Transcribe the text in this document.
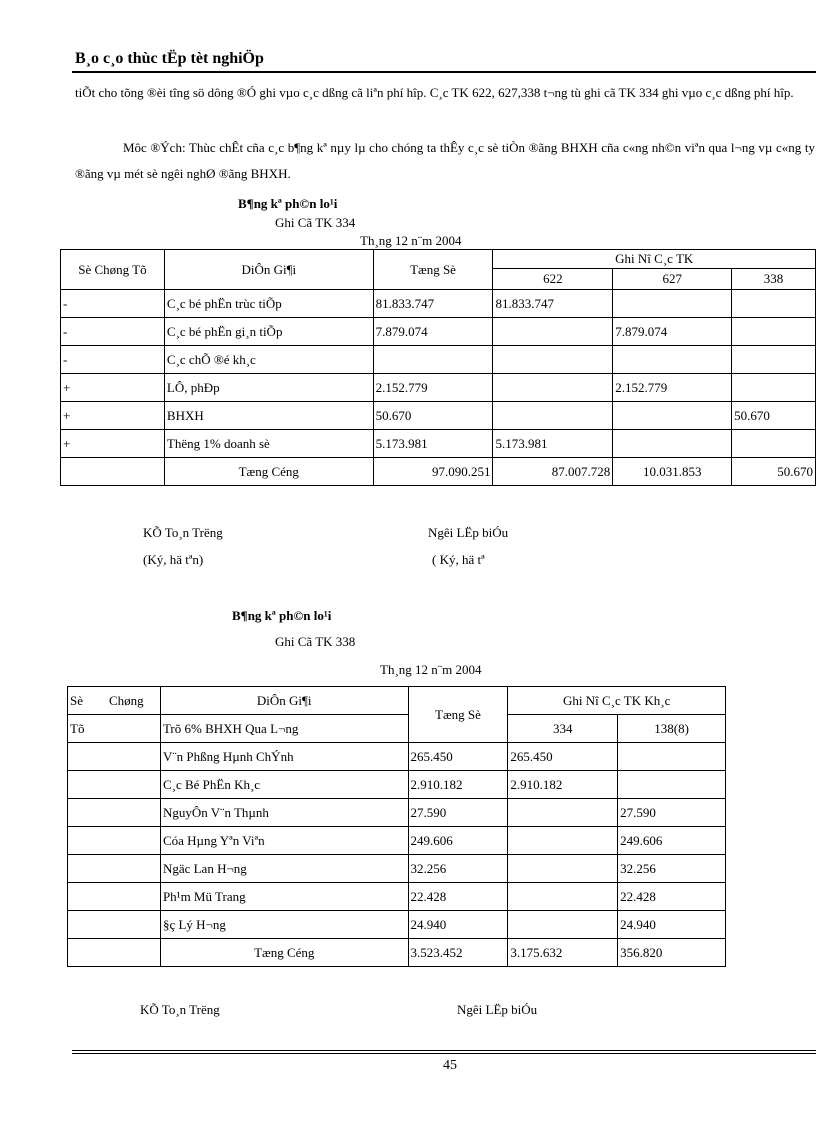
B¸o c¸o thùc tËp tèt nghiÖp
tiÕt cho tõng ®èi tîng sö dông ®Ó ghi vµo c¸c dßng cã liªn phí hîp. C¸c TK 622, 627,338 t¬ng tù ghi cã TK 334 ghi vµo c¸c dßng phí hîp.
Môc ®Ých: Thùc chÊt cña c¸c b¶ng kª nµy lµ cho chóng ta thÊy c¸c sè tiÒn ®ãng BHXH cña c«ng nh©n viªn qua l¬ng vµ c«ng ty ®ãng vµ mét sè ngêi nghØ ®ãng BHXH.
B¶ng kª ph©n lo¹i
Ghi Cã TK 334
Th¸ng 12 n¨m 2004
Sè Chøng Tõ	DiÔn Gi¶i	Tæng Sè	Ghi Nî C¸c TK		
			622	627	338
-	C¸c bé phËn trùc tiÕp	81.833.747	81.833.747		
-	C¸c bé phËn gi¸n tiÕp	7.879.074		7.879.074	
-	C¸c chÕ ®é kh¸c				
+	LÔ, phÐp	2.152.779		2.152.779	
+	BHXH	50.670			50.670
+	Thëng 1% doanh sè	5.173.981	5.173.981		
	Tæng Céng	97.090.251	87.007.728	10.031.853	50.670
KÕ To¸n Trëng	Ngêi LËp biÓu
(Ký, hä tªn)	( Ký, hä tª
B¶ng kª ph©n lo¹i
Ghi Cã TK 338
Th¸ng 12 n¨m 2004
Sè Chøng	DiÔn Gi¶i	Tæng Sè	Ghi Nî C¸c TK Kh¸c	
Tõ	Trõ 6% BHXH Qua L¬ng		334	138(8)
	V¨n Phßng Hµnh ChÝnh	265.450	265.450	
	C¸c Bé PhËn Kh¸c	2.910.182	2.910.182	
	NguyÔn V¨n Thµnh	27.590		27.590
	Cóa Hµng Yªn Viªn	249.606		249.606
	Ngäc Lan H¬ng	32.256		32.256
	Ph¹m Mü Trang	22.428		22.428
	§ç Lý H¬ng	24.940		24.940
	Tæng Céng	3.523.452	3.175.632	356.820
KÕ To¸n Trëng	Ngêi LËp biÓu
45
